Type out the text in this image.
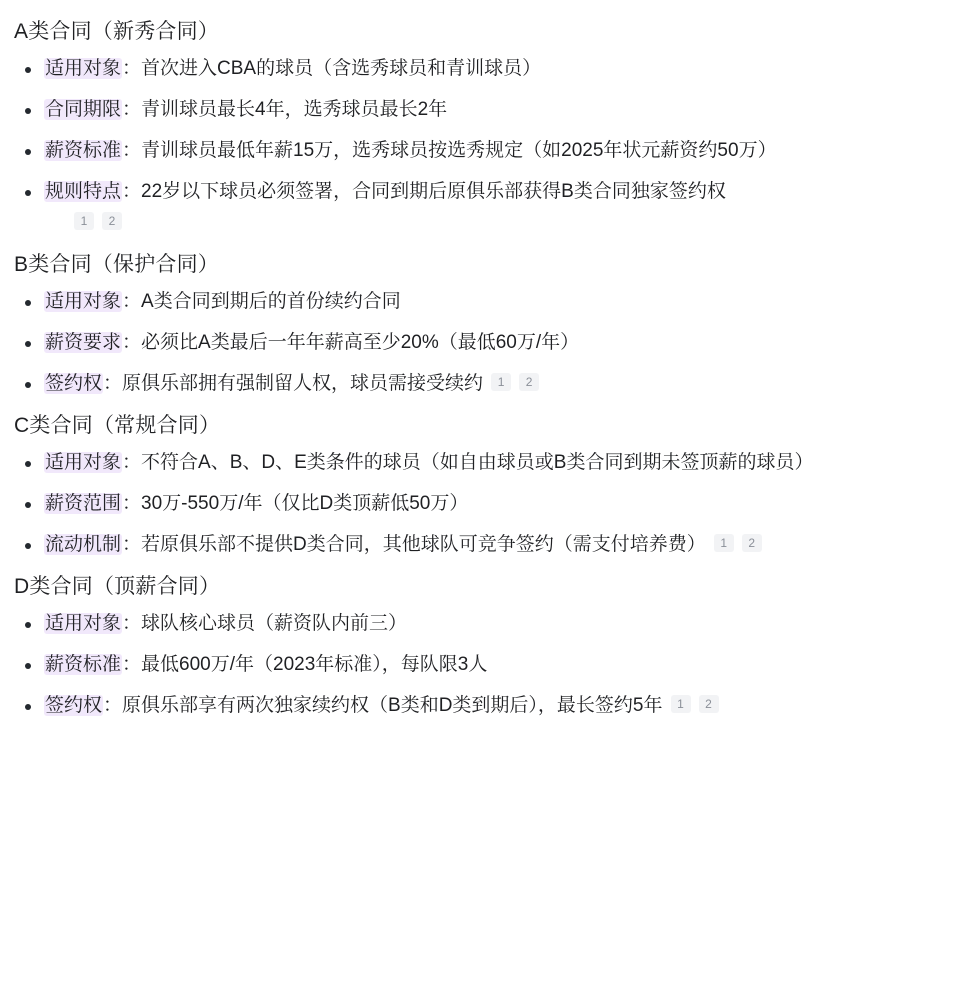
A类合同（新秀合同）
适用对象：首次进入CBA的球员（含选秀球员和青训球员）
合同期限：青训球员最长4年，选秀球员最长2年
薪资标准：青训球员最低年薪15万，选秀球员按选秀规定（如2025年状元薪资约50万）
规则特点：22岁以下球员必须签署，合同到期后原俱乐部获得B类合同独家签约权

1 2
B类合同（保护合同）
适用对象：A类合同到期后的首份续约合同
薪资要求：必须比A类最后一年年薪高至少20%（最低60万/年）
签约权：原俱乐部拥有强制留人权，球员需接受续约 1 2
C类合同（常规合同）
适用对象：不符合A、B、D、E类条件的球员（如自由球员或B类合同到期未签顶薪的球员）
薪资范围：30万-550万/年（仅比D类顶薪低50万）
流动机制：若原俱乐部不提供D类合同，其他球队可竞争签约（需支付培养费） 1 2
D类合同（顶薪合同）
适用对象：球队核心球员（薪资队内前三）
薪资标准：最低600万/年（2023年标准），每队限3人
签约权：原俱乐部享有两次独家续约权（B类和D类到期后），最长签约5年 1 2
